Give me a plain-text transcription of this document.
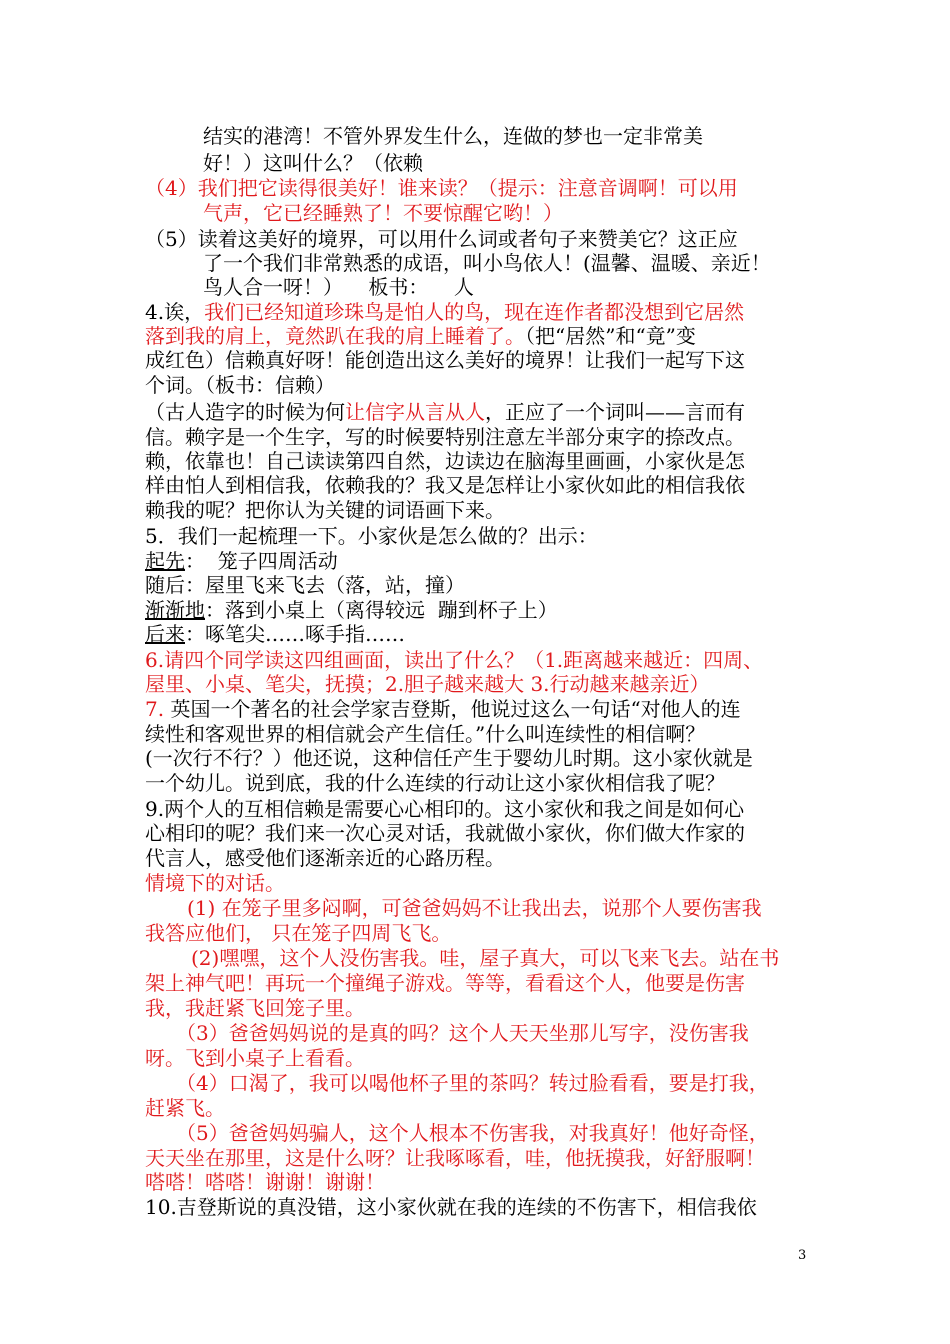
结实的港湾！不管外界发生什么，连做的梦也一定非常美
好！）这叫什么？（依赖
（4）我们把它读得很美好！谁来读？（提示：注意音调啊！可以用
气声，它已经睡熟了！不要惊醒它哟！）
（5）读着这美好的境界，可以用什么词或者句子来赞美它？这正应
了一个我们非常熟悉的成语，叫小鸟依人！(温馨、温暖、亲近！
鸟人合一呀！）    板书：    人
4.诶，我们已经知道珍珠鸟是怕人的鸟，现在连作者都没想到它居然
落到我的肩上，竟然趴在我的肩上睡着了。（把“居然”和“竟”变
成红色）信赖真好呀！能创造出这么美好的境界！让我们一起写下这
个词。（板书：信赖）
（古人造字的时候为何让信字从言从人，正应了一个词叫——言而有
信。赖字是一个生字，写的时候要特别注意左半部分束字的捺改点。
赖，依靠也！自己读读第四自然，边读边在脑海里画画，小家伙是怎
样由怕人到相信我，依赖我的？我又是怎样让小家伙如此的相信我依
赖我的呢？把你认为关键的词语画下来。
5．我们一起梳理一下。小家伙是怎么做的？出示：
起先：  笼子四周活动
随后：屋里飞来飞去（落，站，撞）
渐渐地：落到小桌上（离得较远  蹦到杯子上）
后来：啄笔尖……啄手指……
6.请四个同学读这四组画面，读出了什么？（1.距离越来越近：四周、
屋里、小桌、笔尖，抚摸；2.胆子越来越大 3.行动越来越亲近）
7. 英国一个著名的社会学家吉登斯，他说过这么一句话“对他人的连
续性和客观世界的相信就会产生信任。”什么叫连续性的相信啊？
(一次行不行？）他还说，这种信任产生于婴幼儿时期。这小家伙就是
一个幼儿。说到底，我的什么连续的行动让这小家伙相信我了呢？
9.两个人的互相信赖是需要心心相印的。这小家伙和我之间是如何心
心相印的呢？我们来一次心灵对话，我就做小家伙，你们做大作家的
代言人，感受他们逐渐亲近的心路历程。
情境下的对话。
(1) 在笼子里多闷啊，可爸爸妈妈不让我出去，说那个人要伤害我
我答应他们， 只在笼子四周飞飞。
(2)嘿嘿，这个人没伤害我。哇，屋子真大，可以飞来飞去。站在书
架上神气吧！再玩一个撞绳子游戏。等等，看看这个人，他要是伤害
我，我赶紧飞回笼子里。
（3）爸爸妈妈说的是真的吗？这个人天天坐那儿写字，没伤害我
呀。飞到小桌子上看看。
（4）口渴了，我可以喝他杯子里的茶吗？转过脸看看，要是打我，
赶紧飞。
（5）爸爸妈妈骗人，这个人根本不伤害我，对我真好！他好奇怪，
天天坐在那里，这是什么呀？让我啄啄看，哇，他抚摸我，好舒服啊！
嗒嗒！嗒嗒！谢谢！谢谢！
10.吉登斯说的真没错，这小家伙就在我的连续的不伤害下，相信我依
3
